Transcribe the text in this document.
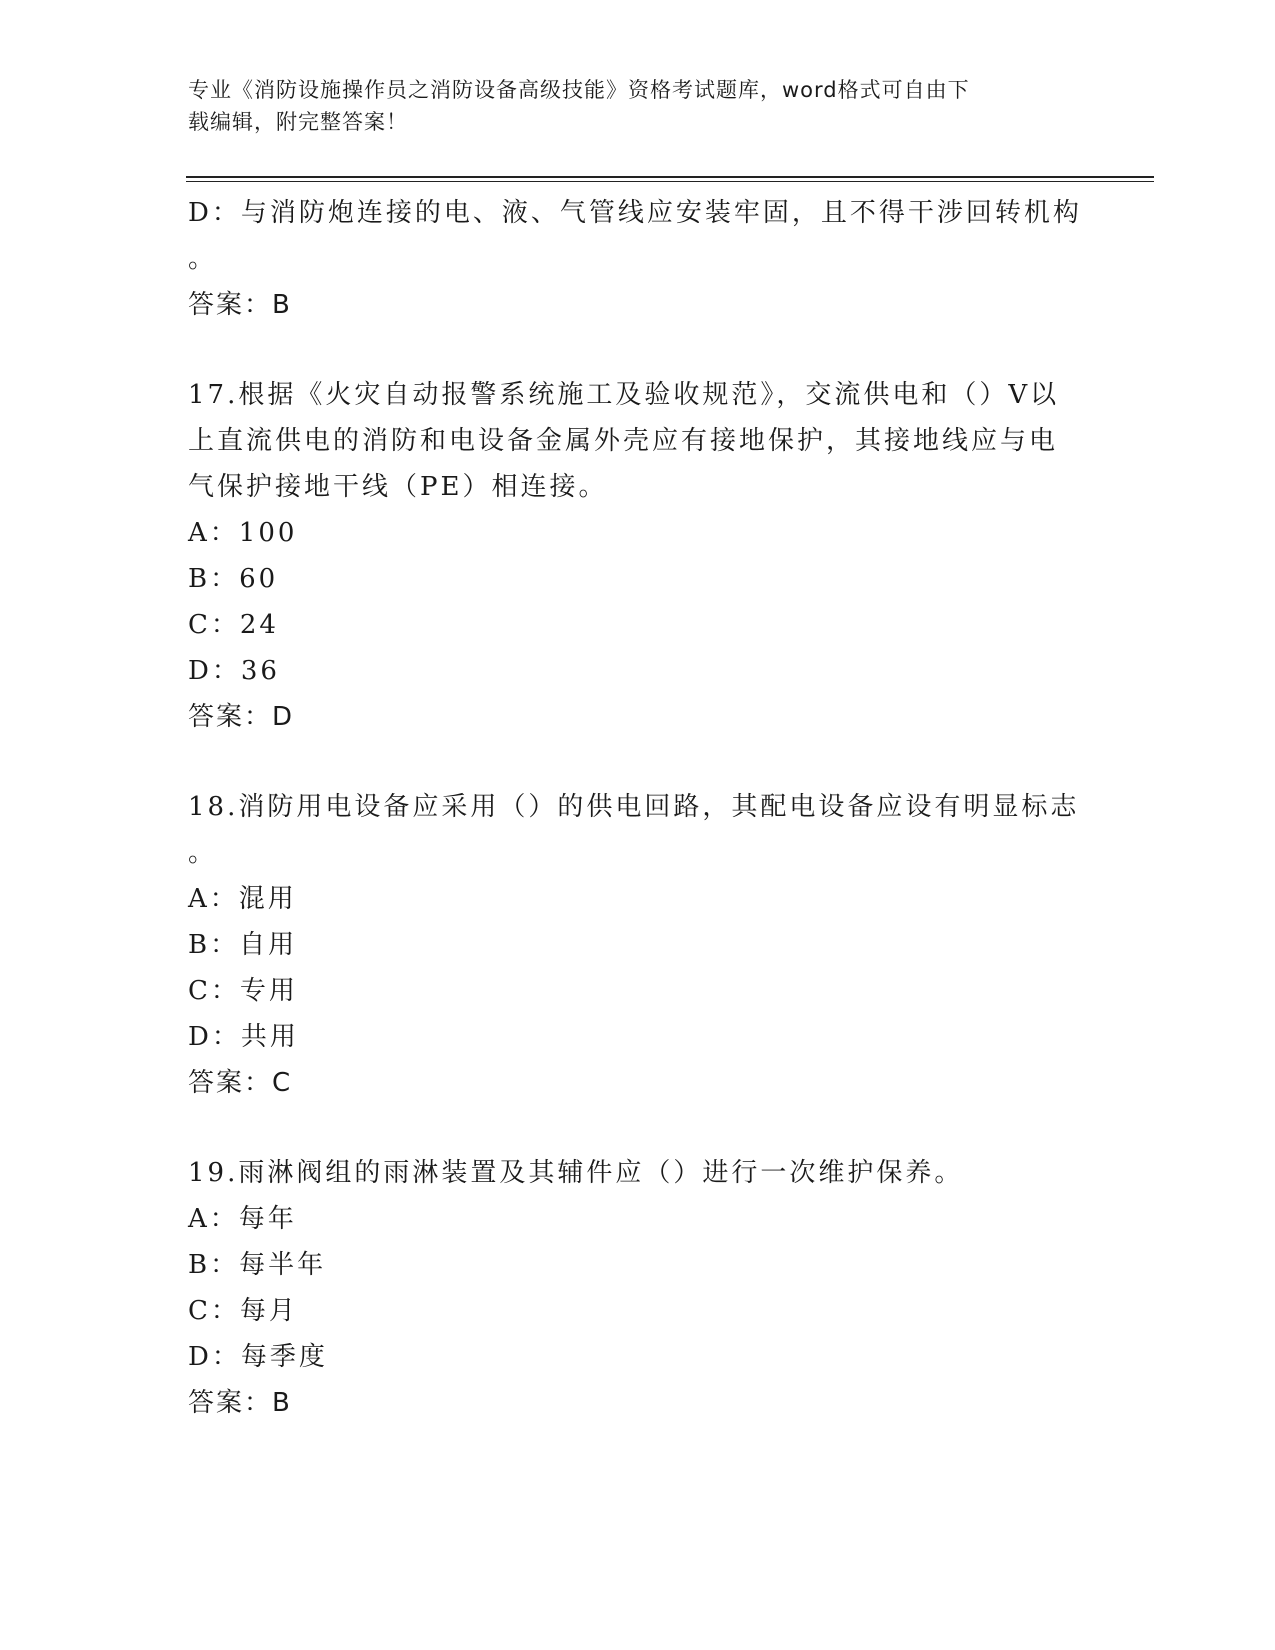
专业《消防设施操作员之消防设备高级技能》资格考试题库，word格式可自由下
载编辑，附完整答案！
D：与消防炮连接的电、液、气管线应安装牢固，且不得干涉回转机构
。
答案：B
17.根据《火灾自动报警系统施工及验收规范》，交流供电和（）V以
上直流供电的消防和电设备金属外壳应有接地保护，其接地线应与电
气保护接地干线（PE）相连接。
A：100
B：60
C：24
D：36
答案：D
18.消防用电设备应采用（）的供电回路，其配电设备应设有明显标志
。
A：混用
B：自用
C：专用
D：共用
答案：C
19.雨淋阀组的雨淋装置及其辅件应（）进行一次维护保养。
A：每年
B：每半年
C：每月
D：每季度
答案：B
